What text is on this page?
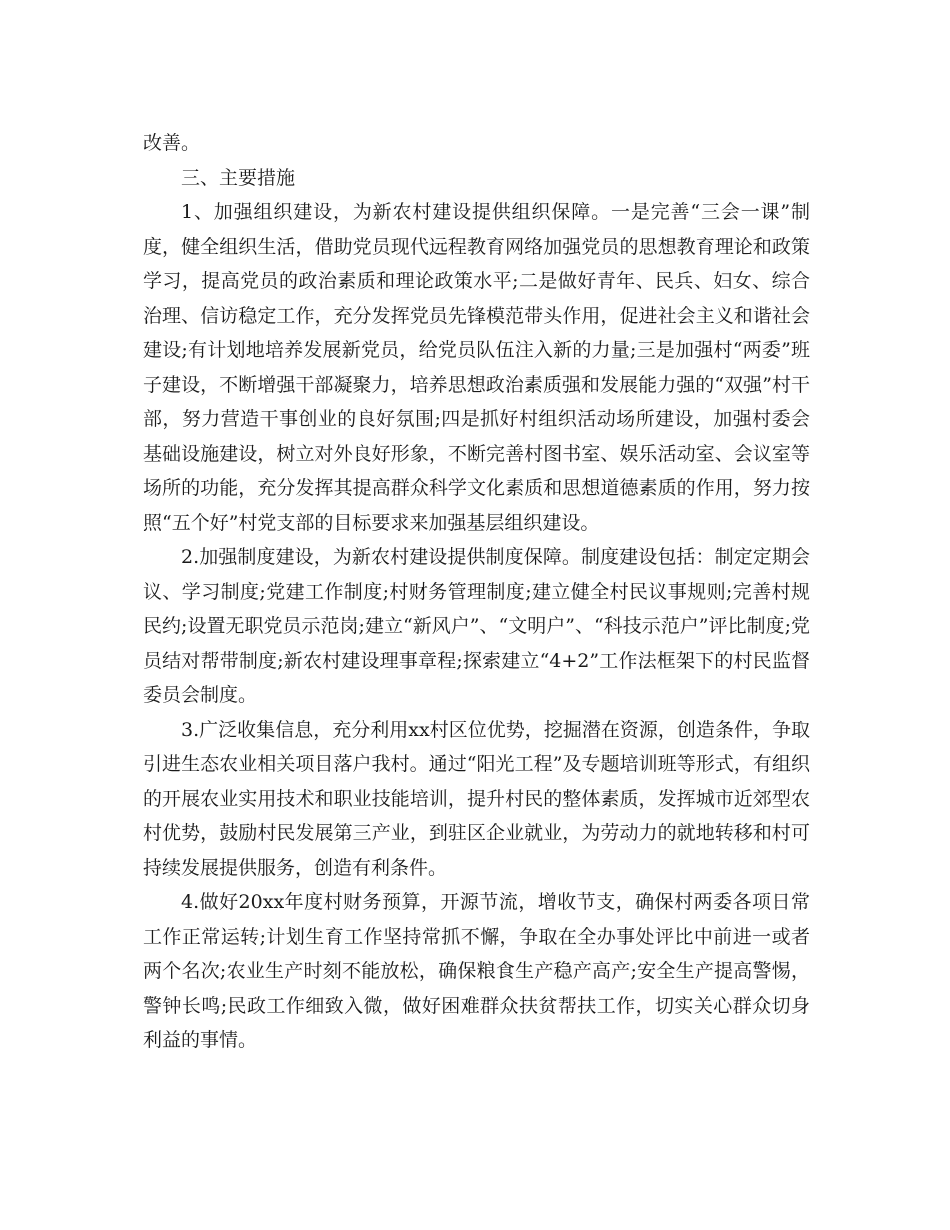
改善。

三、主要措施

1、加强组织建设，为新农村建设提供组织保障。一是完善“三会一课”制度，健全组织生活，借助党员现代远程教育网络加强党员的思想教育理论和政策学习，提高党员的政治素质和理论政策水平;二是做好青年、民兵、妇女、综合治理、信访稳定工作，充分发挥党员先锋模范带头作用，促进社会主义和谐社会建设;有计划地培养发展新党员，给党员队伍注入新的力量;三是加强村“两委”班子建设，不断增强干部凝聚力，培养思想政治素质强和发展能力强的“双强”村干部，努力营造干事创业的良好氛围;四是抓好村组织活动场所建设，加强村委会基础设施建设，树立对外良好形象，不断完善村图书室、娱乐活动室、会议室等场所的功能，充分发挥其提高群众科学文化素质和思想道德素质的作用，努力按照“五个好”村党支部的目标要求来加强基层组织建设。

2.加强制度建设，为新农村建设提供制度保障。制度建设包括：制定定期会议、学习制度;党建工作制度;村财务管理制度;建立健全村民议事规则;完善村规民约;设置无职党员示范岗;建立“新风户”、“文明户”、“科技示范户”评比制度;党员结对帮带制度;新农村建设理事章程;探索建立“4+2”工作法框架下的村民监督委员会制度。

3.广泛收集信息，充分利用xx村区位优势，挖掘潜在资源，创造条件，争取引进生态农业相关项目落户我村。通过“阳光工程”及专题培训班等形式，有组织的开展农业实用技术和职业技能培训，提升村民的整体素质，发挥城市近郊型农村优势，鼓励村民发展第三产业，到驻区企业就业，为劳动力的就地转移和村可持续发展提供服务，创造有利条件。

4.做好20xx年度村财务预算，开源节流，增收节支，确保村两委各项日常工作正常运转;计划生育工作坚持常抓不懈，争取在全办事处评比中前进一或者两个名次;农业生产时刻不能放松，确保粮食生产稳产高产;安全生产提高警惕，警钟长鸣;民政工作细致入微，做好困难群众扶贫帮扶工作，切实关心群众切身利益的事情。
